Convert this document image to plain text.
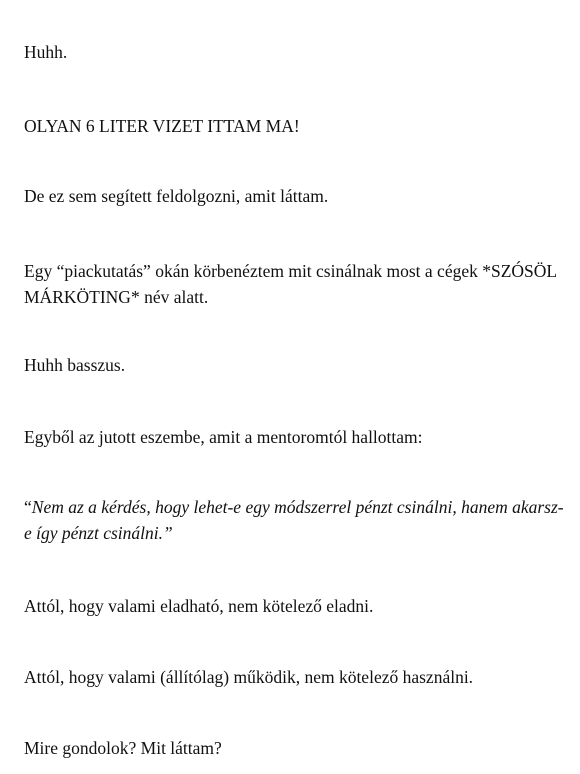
Huhh.

OLYAN 6 LITER VIZET ITTAM MA!

De ez sem segített feldolgozni, amit láttam.

Egy “piackutatás” okán körbenéztem mit csinálnak most a cégek *SZÓSÖL MÁRKÖTING* név alatt.

Huhh basszus.

Egyből az jutott eszembe, amit a mentoromtól hallottam:

“Nem az a kérdés, hogy lehet-e egy módszerrel pénzt csinálni, hanem akarsz-e így pénzt csinálni.”

Attól, hogy valami eladható, nem kötelező eladni.

Attól, hogy valami (állítólag) működik, nem kötelező használni.

Mire gondolok? Mit láttam?
